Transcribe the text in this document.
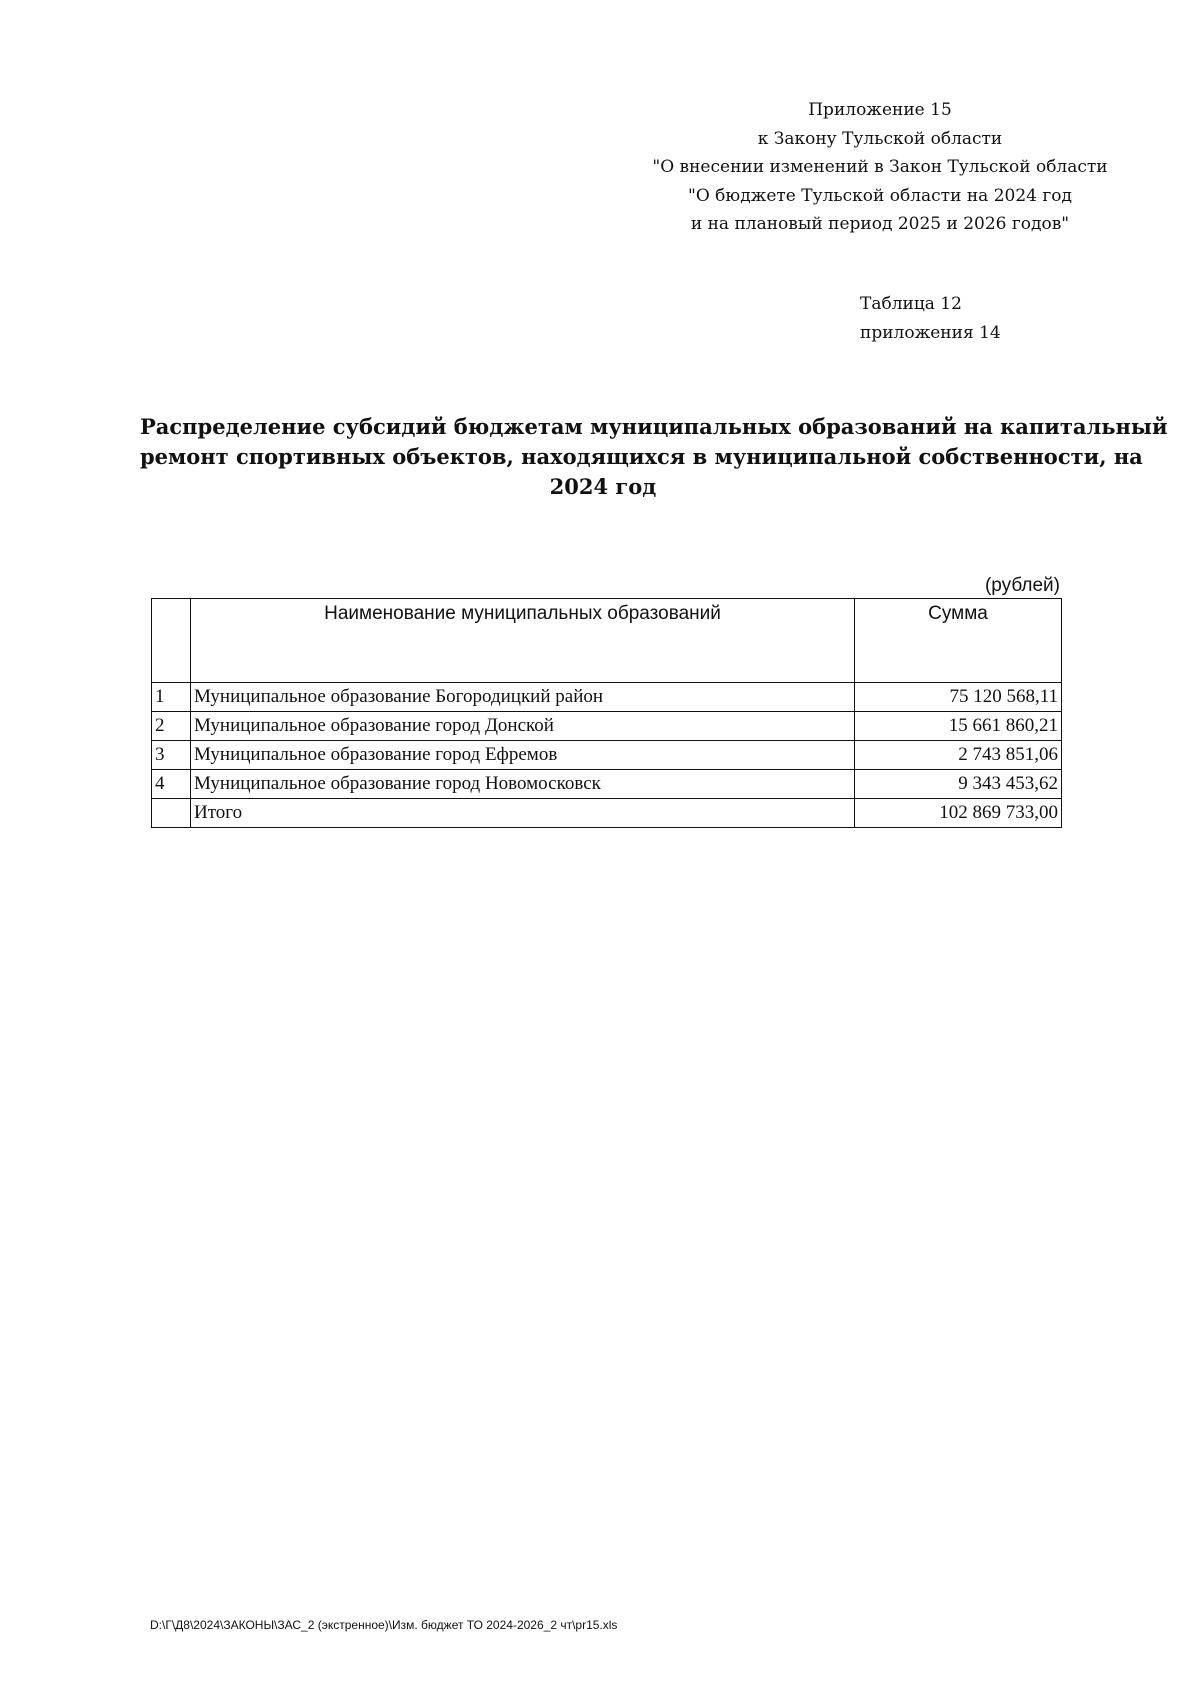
Приложение 15
к Закону Тульской области
"О внесении изменений в Закон Тульской области
"О бюджете Тульской области на 2024 год
и на плановый период 2025 и 2026 годов"
Таблица 12
приложения 14
Распределение субсидий бюджетам муниципальных образований на капитальный
ремонт спортивных объектов, находящихся в муниципальной собственности, на
2024 год
(рублей)
	Наименование муниципальных образований	Сумма
1	Муниципальное образование Богородицкий район	75 120 568,11
2	Муниципальное образование город Донской	15 661 860,21
3	Муниципальное образование город Ефремов	2 743 851,06
4	Муниципальное образование город Новомосковск	9 343 453,62
	Итого	102 869 733,00
D:\Г\Д8\2024\ЗАКОНЫ\ЗАС_2 (экстренное)\Изм. бюджет ТО 2024-2026_2 чт\pr15.xls
